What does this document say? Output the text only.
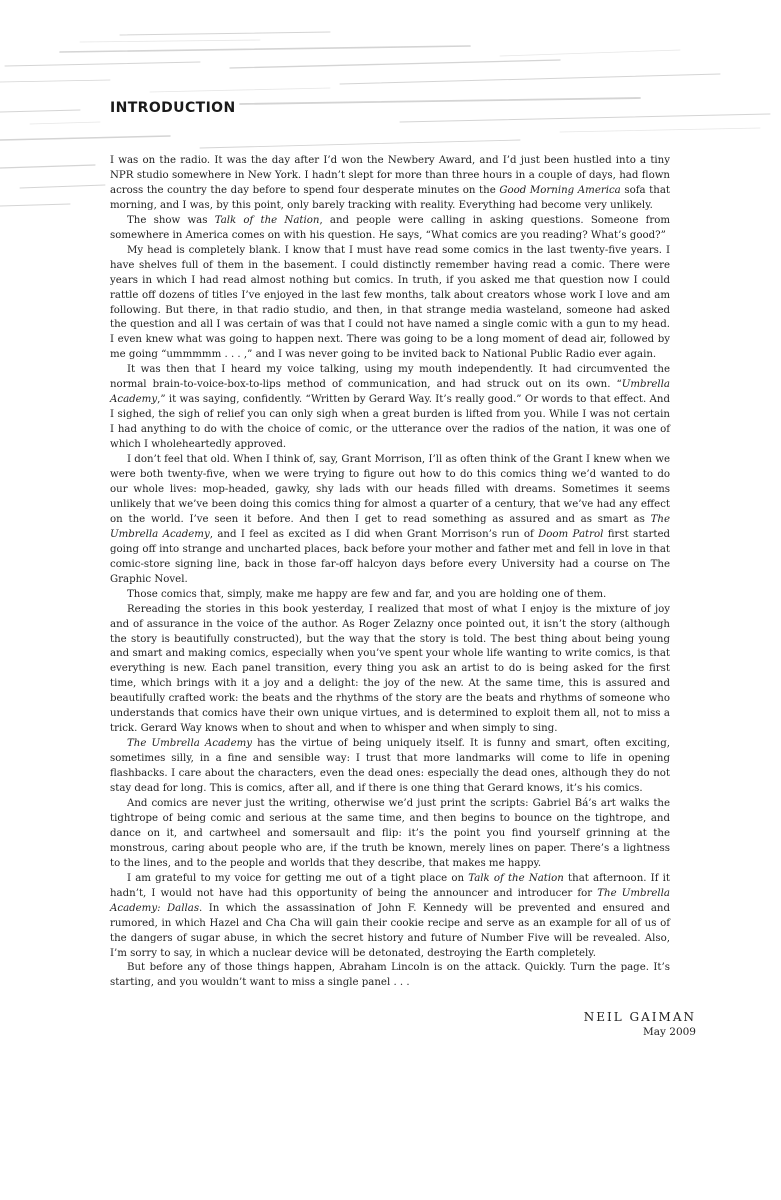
INTRODUCTION

I was on the radio. It was the day after I’d won the Newbery Award, and I’d just been hustled into a tiny NPR studio somewhere in New York. I hadn’t slept for more than three hours in a couple of days, had flown across the country the day before to spend four desperate minutes on the Good Morning America sofa that morning, and I was, by this point, only barely tracking with reality. Everything had become very unlikely.

The show was Talk of the Nation, and people were calling in asking questions. Someone from somewhere in America comes on with his question. He says, “What comics are you reading? What’s good?”

My head is completely blank. I know that I must have read some comics in the last twenty-five years. I have shelves full of them in the basement. I could distinctly remember having read a comic. There were years in which I had read almost nothing but comics. In truth, if you asked me that question now I could rattle off dozens of titles I’ve enjoyed in the last few months, talk about creators whose work I love and am following. But there, in that radio studio, and then, in that strange media wasteland, someone had asked the question and all I was certain of was that I could not have named a single comic with a gun to my head. I even knew what was going to happen next. There was going to be a long moment of dead air, followed by me going “ummmmm . . . ,” and I was never going to be invited back to National Public Radio ever again.

It was then that I heard my voice talking, using my mouth independently. It had circumvented the normal brain-to-voice-box-to-lips method of communication, and had struck out on its own. “Umbrella Academy,” it was saying, confidently. “Written by Gerard Way. It’s really good.” Or words to that effect. And I sighed, the sigh of relief you can only sigh when a great burden is lifted from you. While I was not certain I had anything to do with the choice of comic, or the utterance over the radios of the nation, it was one of which I wholeheartedly approved.

I don’t feel that old. When I think of, say, Grant Morrison, I’ll as often think of the Grant I knew when we were both twenty-five, when we were trying to figure out how to do this comics thing we’d wanted to do our whole lives: mop-headed, gawky, shy lads with our heads filled with dreams. Sometimes it seems unlikely that we’ve been doing this comics thing for almost a quarter of a century, that we’ve had any effect on the world. I’ve seen it before. And then I get to read something as assured and as smart as The Umbrella Academy, and I feel as excited as I did when Grant Morrison’s run of Doom Patrol first started going off into strange and uncharted places, back before your mother and father met and fell in love in that comic-store signing line, back in those far-off halcyon days before every University had a course on The Graphic Novel.

Those comics that, simply, make me happy are few and far, and you are holding one of them.

Rereading the stories in this book yesterday, I realized that most of what I enjoy is the mixture of joy and of assurance in the voice of the author. As Roger Zelazny once pointed out, it isn’t the story (although the story is beautifully constructed), but the way that the story is told. The best thing about being young and smart and making comics, especially when you’ve spent your whole life wanting to write comics, is that everything is new. Each panel transition, every thing you ask an artist to do is being asked for the first time, which brings with it a joy and a delight: the joy of the new. At the same time, this is assured and beautifully crafted work: the beats and the rhythms of the story are the beats and rhythms of someone who understands that comics have their own unique virtues, and is determined to exploit them all, not to miss a trick. Gerard Way knows when to shout and when to whisper and when simply to sing.

The Umbrella Academy has the virtue of being uniquely itself. It is funny and smart, often exciting, sometimes silly, in a fine and sensible way: I trust that more landmarks will come to life in opening flashbacks. I care about the characters, even the dead ones: especially the dead ones, although they do not stay dead for long. This is comics, after all, and if there is one thing that Gerard knows, it’s his comics.

And comics are never just the writing, otherwise we’d just print the scripts: Gabriel Bá’s art walks the tightrope of being comic and serious at the same time, and then begins to bounce on the tightrope, and dance on it, and cartwheel and somersault and flip: it’s the point you find yourself grinning at the monstrous, caring about people who are, if the truth be known, merely lines on paper. There’s a lightness to the lines, and to the people and worlds that they describe, that makes me happy.

I am grateful to my voice for getting me out of a tight place on Talk of the Nation that afternoon. If it hadn’t, I would not have had this opportunity of being the announcer and introducer for The Umbrella Academy: Dallas. In which the assassination of John F. Kennedy will be prevented and ensured and rumored, in which Hazel and Cha Cha will gain their cookie recipe and serve as an example for all of us of the dangers of sugar abuse, in which the secret history and future of Number Five will be revealed. Also, I’m sorry to say, in which a nuclear device will be detonated, destroying the Earth completely.

But before any of those things happen, Abraham Lincoln is on the attack. Quickly. Turn the page. It’s starting, and you wouldn’t want to miss a single panel . . .

NEIL GAIMAN
May 2009
